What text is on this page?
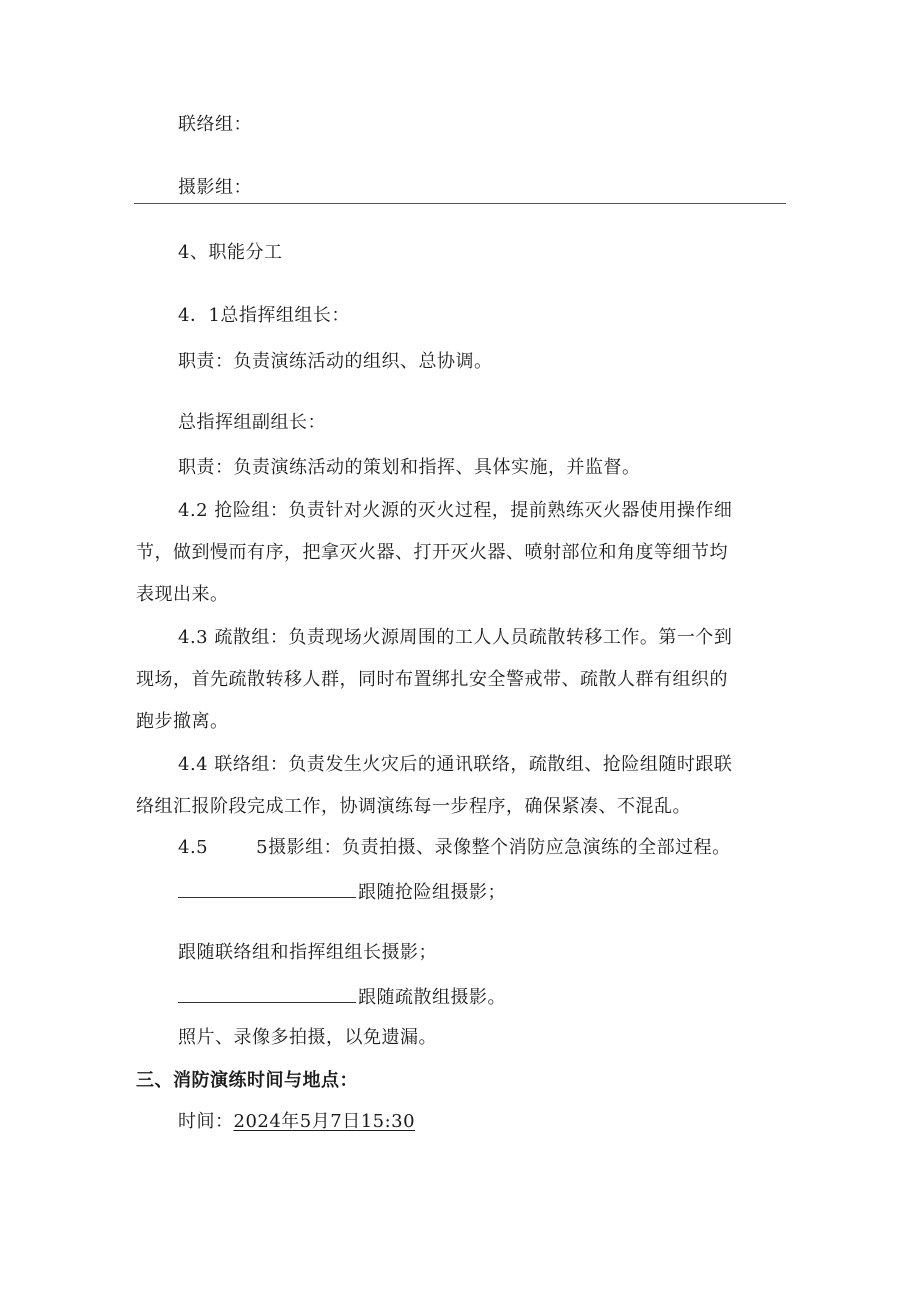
联络组：
摄影组：
4、职能分工
4．1总指挥组组长：
职责：负责演练活动的组织、总协调。
总指挥组副组长：
职责：负责演练活动的策划和指挥、具体实施，并监督。
4.2 抢险组：负责针对火源的灭火过程，提前熟练灭火器使用操作细
节，做到慢而有序，把拿灭火器、打开灭火器、喷射部位和角度等细节均
表现出来。
4.3 疏散组：负责现场火源周围的工人人员疏散转移工作。第一个到
现场，首先疏散转移人群，同时布置绑扎安全警戒带、疏散人群有组织的
跑步撤离。
4.4 联络组：负责发生火灾后的通讯联络，疏散组、抢险组随时跟联
络组汇报阶段完成工作，协调演练每一步程序，确保紧凑、不混乱。
4.5	5摄影组：负责拍摄、录像整个消防应急演练的全部过程。
跟随抢险组摄影；
跟随联络组和指挥组组长摄影；
跟随疏散组摄影。
照片、录像多拍摄，以免遗漏。
三、消防演练时间与地点：
时间：2024年5月7日15:30
